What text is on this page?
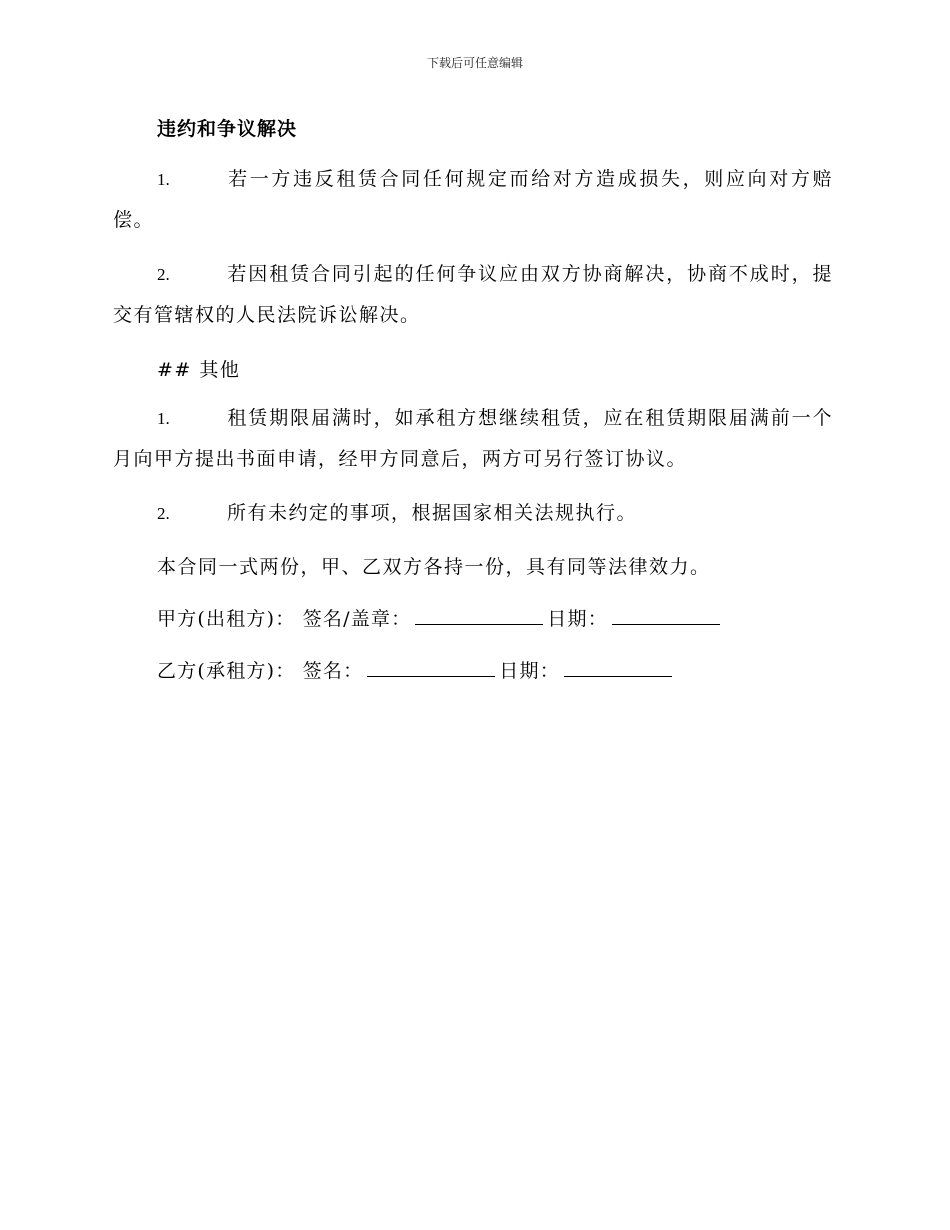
下载后可任意编辑
违约和争议解决
1.	若一方违反租赁合同任何规定而给对方造成损失，则应向对方赔偿。
2.	若因租赁合同引起的任何争议应由双方协商解决，协商不成时，提交有管辖权的人民法院诉讼解决。
## 其他
1.	租赁期限届满时，如承租方想继续租赁，应在租赁期限届满前一个月向甲方提出书面申请，经甲方同意后，两方可另行签订协议。
2.	所有未约定的事项，根据国家相关法规执行。
本合同一式两份，甲、乙双方各持一份，具有同等法律效力。
甲方(出租方)： 签名/盖章：	日期：
乙方(承租方)： 签名：	日期：
